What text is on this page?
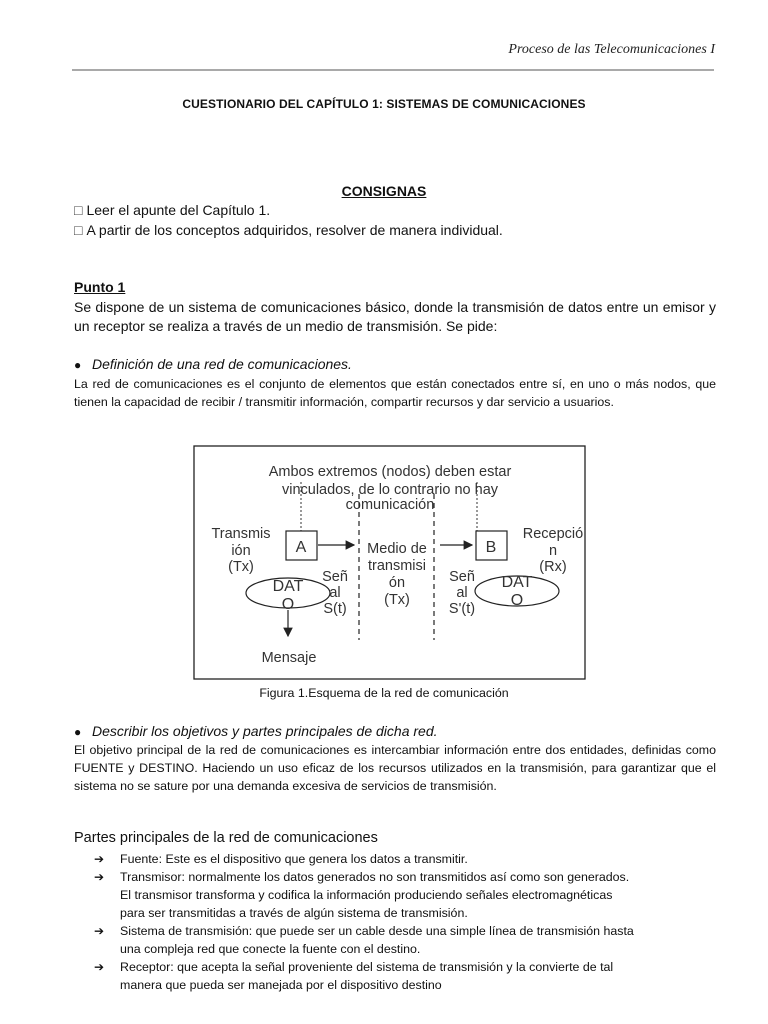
Proceso de las Telecomunicaciones I
CUESTIONARIO DEL CAPÍTULO 1: SISTEMAS DE COMUNICACIONES
CONSIGNAS
□ Leer el apunte del Capítulo 1.
□ A partir de los conceptos adquiridos, resolver de manera individual.
Punto 1
Se dispone de un sistema de comunicaciones básico, donde la transmisión de datos entre un emisor y un receptor se realiza a través de un medio de transmisión. Se pide:
● Definición de una red de comunicaciones.
La red de comunicaciones es el conjunto de elementos que están conectados entre sí, en uno o más nodos, que tienen la capacidad de recibir / transmitir información, compartir recursos y dar servicio a usuarios.
Ambos extremos (nodos) deben estar
vinculados, de lo contrario no hay
comunicación
Transmis
ión
(Tx)
A	Medio de
transmisi
ón
(Tx)
B
Recepció
n
(Rx)
DAT
O
Mensaje
Señ
al
S(t)
Señ
al
S'(t)
DAT
O
Figura 1.Esquema de la red de comunicación
● Describir los objetivos y partes principales de dicha red.
El objetivo principal de la red de comunicaciones es intercambiar información entre dos entidades, definidas como FUENTE y DESTINO. Haciendo un uso eficaz de los recursos utilizados en la transmisión, para garantizar que el sistema no se sature por una demanda excesiva de servicios de transmisión.
Partes principales de la red de comunicaciones
➔ Fuente: Este es el dispositivo que genera los datos a transmitir.
➔ Transmisor: normalmente los datos generados no son transmitidos así como son generados.
El transmisor transforma y codifica la información produciendo señales electromagnéticas
para ser transmitidas a través de algún sistema de transmisión.
➔ Sistema de transmisión: que puede ser un cable desde una simple línea de transmisión hasta
una compleja red que conecte la fuente con el destino.
➔ Receptor: que acepta la señal proveniente del sistema de transmisión y la convierte de tal
manera que pueda ser manejada por el dispositivo destino
